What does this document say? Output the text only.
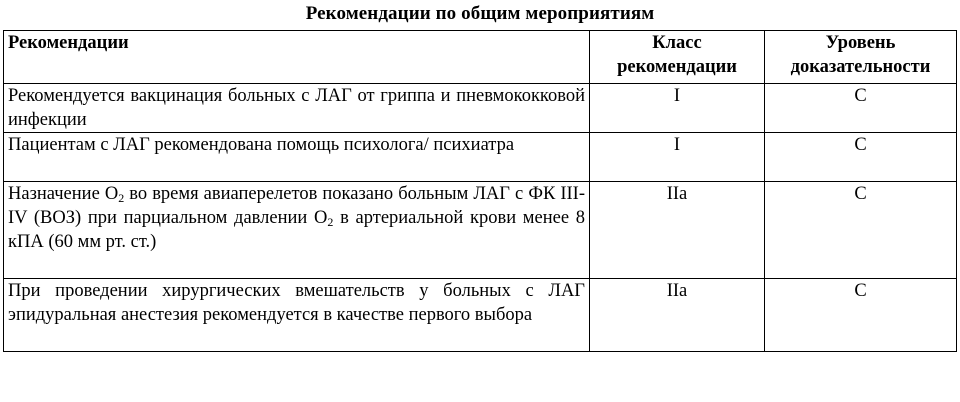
Рекомендации по общим мероприятиям
Рекомендации	Класс рекомендации	Уровень доказательности
Рекомендуется вакцинация больных с ЛАГ от гриппа и пневмококковой инфекции	I	C
Пациентам с ЛАГ рекомендована помощь психолога/ психиатра	I	C
Назначение $O_2$ во время авиаперелетов показано больным ЛАГ с ФК III-IV (ВОЗ) при парциальном давлении $O_2$ в артериальной крови менее 8 кПА (60 мм рт. ст.)	IIa	C
При проведении хирургических вмешательств у больных с ЛАГ эпидуральная анестезия рекомендуется в качестве первого выбора	IIa	C
